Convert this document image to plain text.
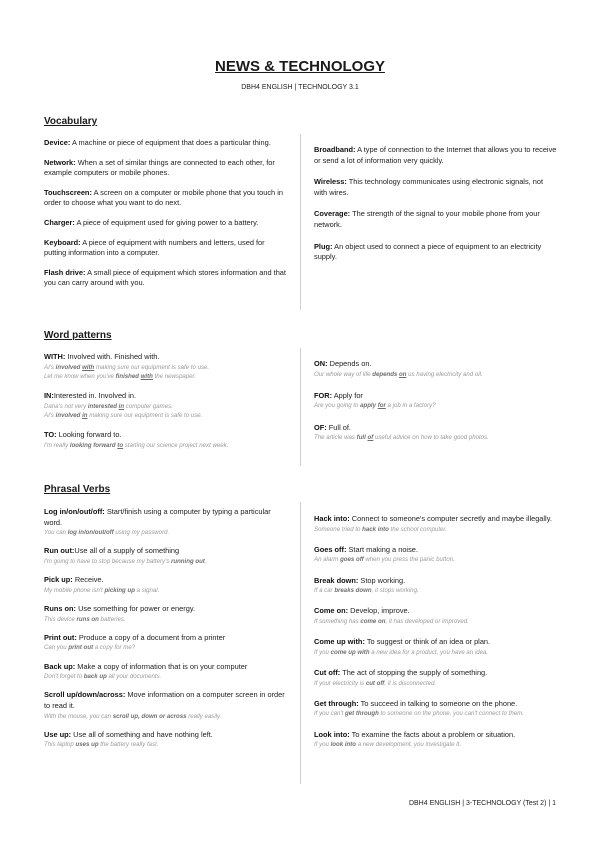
NEWS & TECHNOLOGY
DBH4 ENGLISH | TECHNOLOGY 3.1
Vocabulary
Device: A machine or piece of equipment that does a particular thing.
Network: When a set of similar things are connected to each other, for example computers or mobile phones.
Touchscreen: A screen on a computer or mobile phone that you touch in order to choose what you want to do next.
Charger: A piece of equipment used for giving power to a battery.
Keyboard: A piece of equipment with numbers and letters, used for putting information into a computer.
Flash drive: A small piece of equipment which stores information and that you can carry around with you.
Broadband: A type of connection to the Internet that allows you to receive or send a lot of information very quickly.
Wireless: This technology communicates using electronic signals, not with wires.
Coverage: The strength of the signal to your mobile phone from your network.
Plug: An object used to connect a piece of equipment to an electricity supply.
Word patterns
WITH: Involved with. Finished with.
AI's involved with making sure our equipment is safe to use.
Let me know when you've finished with the newspaper.
IN:Interested in. Involved in.
Dana's not very interested in computer games.
AI's involved in making sure our equipment is safe to use.
TO: Looking forward to.
I'm really looking forward to starting our science project next week.
ON: Depends on.
Our whole way of life depends on us having electricity and oil.
FOR: Apply for
Are you going to apply for a job in a factory?
OF: Full of.
The article was full of useful advice on how to take good photos.
Phrasal Verbs
Log in/on/out/off: Start/finish using a computer by typing a particular word.
You can log in/on/out/off using my password.
Run out:Use all of a supply of something
I'm going to have to stop because my battery's running out.
Pick up: Receive.
My mobile phone isn't picking up a signal.
Runs on: Use something for power or energy.
This device runs on batteries.
Print out: Produce a copy of a document from a printer
Can you print out a copy for me?
Back up: Make a copy of information that is on your computer
Don't forget to back up all your documents.
Scroll up/down/across: Move information on a computer screen in order to read it.
With the mouse, you can scroll up, down or across really easily.
Use up: Use all of something and have nothing left.
This laptop uses up the battery really fast.
Hack into: Connect to someone's computer secretly and maybe illegally.
Someone tried to hack into the school computer.
Goes off: Start making a noise.
An alarm goes off when you press the panic button.
Break down: Stop working.
If a car breaks down, it stops working.
Come on: Develop, improve.
If something has come on, it has developed or improved.
Come up with: To suggest or think of an idea or plan.
If you come up with a new idea for a product, you have an idea.
Cut off: The act of stopping the supply of something.
If your electricity is cut off, it is disconnected.
Get through: To succeed in talking to someone on the phone.
If you can't get through to someone on the phone, you can't connect to them.
Look into: To examine the facts about a problem or situation.
If you look into a new development, you investigate it.
DBH4 ENGLISH | 3-TECHNOLOGY (Test 2) | 1
